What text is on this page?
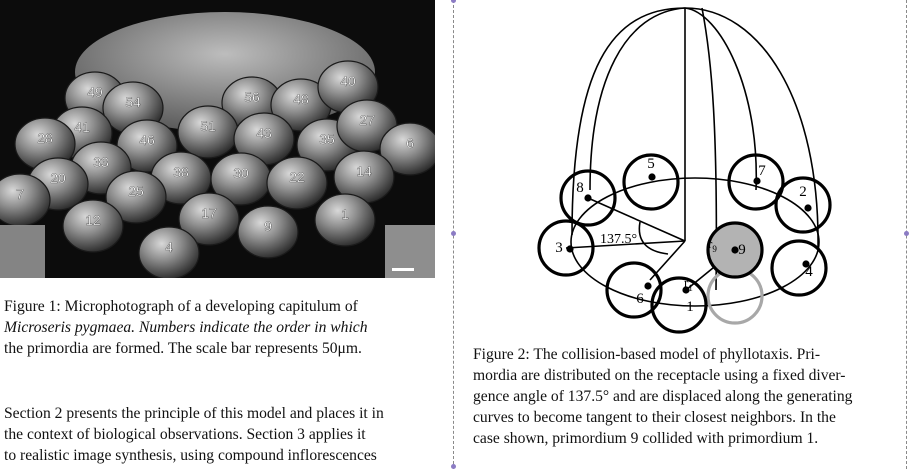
49
54	56 48
40
41
28
51	43	35
27
6
46
33
20
7
38	30	22	14
25
12	17
9
1
4
Figure 1: Microphotograph of a developing capitulum of
Microseris pygmaea. Numbers indicate the order in which
the primordia are formed. The scale bar represents 50μm.
Section 2 presents the principle of this model and places it in
the context of biological observations. Section 3 applies it
to realistic image synthesis, using compound inflorescences
1
2
3
4
5
6
7
8
9
137.5°
$r_1$
$r_9$
Figure 2: The collision-based model of phyllotaxis. Pri-
mordia are distributed on the receptacle using a fixed diver-
gence angle of 137.5° and are displaced along the generating
curves to become tangent to their closest neighbors. In the
case shown, primordium 9 collided with primordium 1.
